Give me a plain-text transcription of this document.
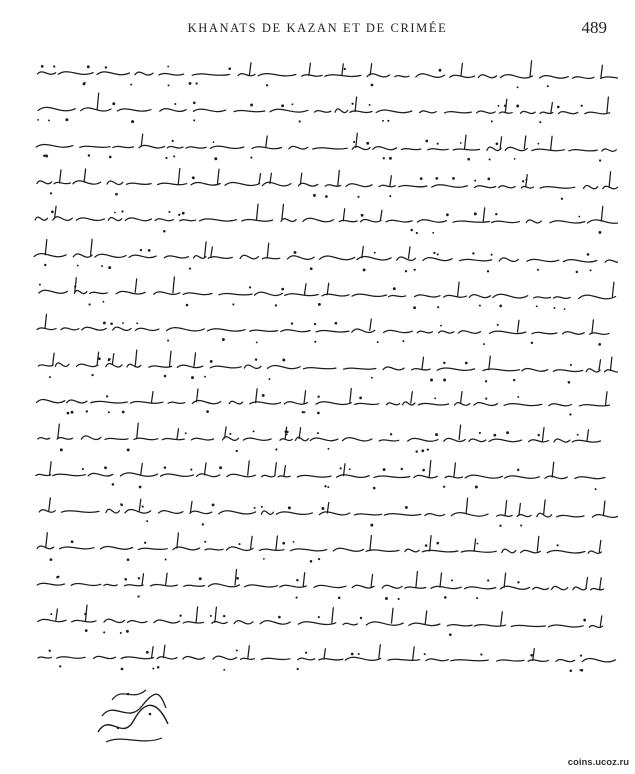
KHANATS DE KAZAN ET DE CRIMÉE	489
coins.ucoz.ru
